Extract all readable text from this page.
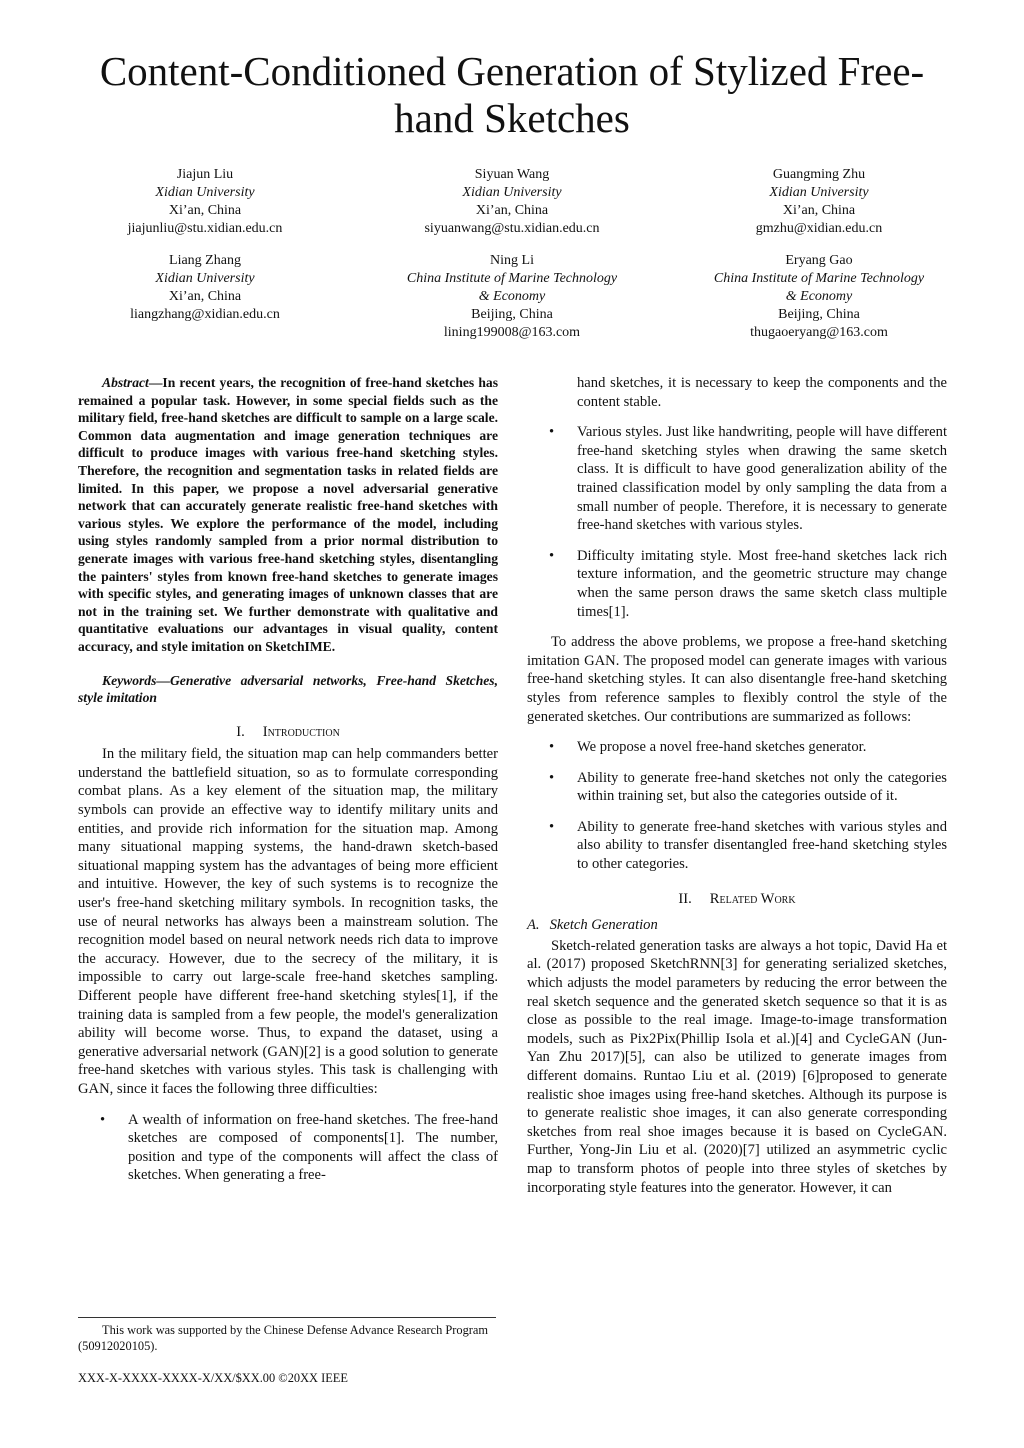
Content-Conditioned Generation of Stylized Free-
hand Sketches
Jiajun Liu
Xidian University
Xi’an, China
jiajunliu@stu.xidian.edu.cn
Siyuan Wang
Xidian University
Xi’an, China
siyuanwang@stu.xidian.edu.cn
Guangming Zhu
Xidian University
Xi’an, China
gmzhu@xidian.edu.cn
Liang Zhang
Xidian University
Xi’an, China
liangzhang@xidian.edu.cn
Ning Li
China Institute of Marine Technology
& Economy
Beijing, China
lining199008@163.com
Eryang Gao
China Institute of Marine Technology
& Economy
Beijing, China
thugaoeryang@163.com

Abstract—In recent years, the recognition of free-hand sketches has remained a popular task. However, in some special fields such as the military field, free-hand sketches are difficult to sample on a large scale. Common data augmentation and image generation techniques are difficult to produce images with various free-hand sketching styles. Therefore, the recognition and segmentation tasks in related fields are limited. In this paper, we propose a novel adversarial generative network that can accurately generate realistic free-hand sketches with various styles. We explore the performance of the model, including using styles randomly sampled from a prior normal distribution to generate images with various free-hand sketching styles, disentangling the painters' styles from known free-hand sketches to generate images with specific styles, and generating images of unknown classes that are not in the training set. We further demonstrate with qualitative and quantitative evaluations our advantages in visual quality, content accuracy, and style imitation on SketchIME.

Keywords—Generative adversarial networks, Free-hand Sketches, style imitation

I. Introduction

In the military field, the situation map can help commanders better understand the battlefield situation, so as to formulate corresponding combat plans. As a key element of the situation map, the military symbols can provide an effective way to identify military units and entities, and provide rich information for the situation map. Among many situational mapping systems, the hand-drawn sketch-based situational mapping system has the advantages of being more efficient and intuitive. However, the key of such systems is to recognize the user's free-hand sketching military symbols. In recognition tasks, the use of neural networks has always been a mainstream solution. The recognition model based on neural network needs rich data to improve the accuracy. However, due to the secrecy of the military, it is impossible to carry out large-scale free-hand sketches sampling. Different people have different free-hand sketching styles[1], if the training data is sampled from a few people, the model's generalization ability will become worse. Thus, to expand the dataset, using a generative adversarial network (GAN)[2] is a good solution to generate free-hand sketches with various styles. This task is challenging with GAN, since it faces the following three difficulties:

• A wealth of information on free-hand sketches. The free-hand sketches are composed of components[1]. The number, position and type of the components will affect the class of sketches. When generating a free-
hand sketches, it is necessary to keep the components and the content stable.
• Various styles. Just like handwriting, people will have different free-hand sketching styles when drawing the same sketch class. It is difficult to have good generalization ability of the trained classification model by only sampling the data from a small number of people. Therefore, it is necessary to generate free-hand sketches with various styles.
• Difficulty imitating style. Most free-hand sketches lack rich texture information, and the geometric structure may change when the same person draws the same sketch class multiple times[1].

To address the above problems, we propose a free-hand sketching imitation GAN. The proposed model can generate images with various free-hand sketching styles. It can also disentangle free-hand sketching styles from reference samples to flexibly control the style of the generated sketches. Our contributions are summarized as follows:

• We propose a novel free-hand sketches generator.
• Ability to generate free-hand sketches not only the categories within training set, but also the categories outside of it.
• Ability to generate free-hand sketches with various styles and also ability to transfer disentangled free-hand sketching styles to other categories.
II. Related Work
A. Sketch Generation

Sketch-related generation tasks are always a hot topic, David Ha et al. (2017) proposed SketchRNN[3] for generating serialized sketches, which adjusts the model parameters by reducing the error between the real sketch sequence and the generated sketch sequence so that it is as close as possible to the real image. Image-to-image transformation models, such as Pix2Pix(Phillip Isola et al.)[4] and CycleGAN (Jun-Yan Zhu 2017)[5], can also be utilized to generate images from different domains. Runtao Liu et al. (2019) [6]proposed to generate realistic shoe images using free-hand sketches. Although its purpose is to generate realistic shoe images, it can also generate corresponding sketches from real shoe images because it is based on CycleGAN. Further, Yong-Jin Liu et al. (2020)[7] utilized an asymmetric cyclic map to transform photos of people into three styles of sketches by incorporating style features into the generator. However, it can

This work was supported by the Chinese Defense Advance Research Program (50912020105).
XXX-X-XXXX-XXXX-X/XX/$XX.00 ©20XX IEEE
